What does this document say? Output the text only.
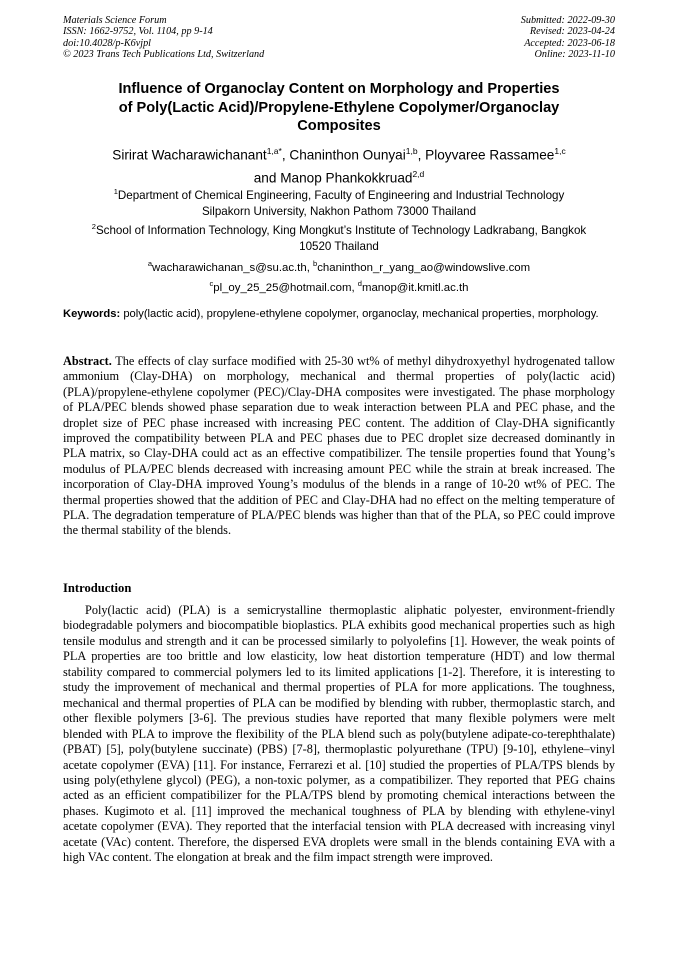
Materials Science Forum
ISSN: 1662-9752, Vol. 1104, pp 9-14
doi:10.4028/p-K6vjpl
© 2023 Trans Tech Publications Ltd, Switzerland
Submitted: 2022-09-30
Revised: 2023-04-24
Accepted: 2023-06-18
Online: 2023-11-10
Influence of Organoclay Content on Morphology and Properties
of Poly(Lactic Acid)/Propylene-Ethylene Copolymer/Organoclay
Composites
Sirirat Wacharawichanant$^{1,a*}$, Chaninthon Ounyai$^{1,b}$, Ployvaree Rassamee$^{1,c}$
and Manop Phankokkruad$^{2,d}$
$^1$Department of Chemical Engineering, Faculty of Engineering and Industrial Technology
Silpakorn University, Nakhon Pathom 73000 Thailand
$^2$School of Information Technology, King Mongkut’s Institute of Technology Ladkrabang, Bangkok
10520 Thailand
$^a$wacharawichanan_s@su.ac.th, $^b$chaninthon_r_yang_ao@windowslive.com
$^c$pl_oy_25_25@hotmail.com, $^d$manop@it.kmitl.ac.th
Keywords: poly(lactic acid), propylene-ethylene copolymer, organoclay, mechanical properties, morphology.
Abstract. The effects of clay surface modified with 25-30 wt% of methyl dihydroxyethyl hydrogenated tallow ammonium (Clay-DHA) on morphology, mechanical and thermal properties of poly(lactic acid) (PLA)/propylene-ethylene copolymer (PEC)/Clay-DHA composites were investigated. The phase morphology of PLA/PEC blends showed phase separation due to weak interaction between PLA and PEC phase, and the droplet size of PEC phase increased with increasing PEC content. The addition of Clay-DHA significantly improved the compatibility between PLA and PEC phases due to PEC droplet size decreased dominantly in PLA matrix, so Clay-DHA could act as an effective compatibilizer. The tensile properties found that Young’s modulus of PLA/PEC blends decreased with increasing amount PEC while the strain at break increased. The incorporation of Clay-DHA improved Young’s modulus of the blends in a range of 10-20 wt% of PEC. The thermal properties showed that the addition of PEC and Clay-DHA had no effect on the melting temperature of PLA. The degradation temperature of PLA/PEC blends was higher than that of the PLA, so PEC could improve the thermal stability of the blends.
Introduction
Poly(lactic acid) (PLA) is a semicrystalline thermoplastic aliphatic polyester, environment-friendly biodegradable polymers and biocompatible bioplastics. PLA exhibits good mechanical properties such as high tensile modulus and strength and it can be processed similarly to polyolefins [1]. However, the weak points of PLA properties are too brittle and low elasticity, low heat distortion temperature (HDT) and low thermal stability compared to commercial polymers led to its limited applications [1-2]. Therefore, it is interesting to study the improvement of mechanical and thermal properties of PLA for more applications. The toughness, mechanical and thermal properties of PLA can be modified by blending with rubber, thermoplastic starch, and other flexible polymers [3-6]. The previous studies have reported that many flexible polymers were melt blended with PLA to improve the flexibility of the PLA blend such as poly(butylene adipate-co-terephthalate) (PBAT) [5], poly(butylene succinate) (PBS) [7-8], thermoplastic polyurethane (TPU) [9-10], ethylene–vinyl acetate copolymer (EVA) [11]. For instance, Ferrarezi et al. [10] studied the properties of PLA/TPS blends by using poly(ethylene glycol) (PEG), a non-toxic polymer, as a compatibilizer. They reported that PEG chains acted as an efficient compatibilizer for the PLA/TPS blend by promoting chemical interactions between the phases. Kugimoto et al. [11] improved the mechanical toughness of PLA by blending with ethylene-vinyl acetate copolymer (EVA). They reported that the interfacial tension with PLA decreased with increasing vinyl acetate (VAc) content. Therefore, the dispersed EVA droplets were small in the blends containing EVA with a high VAc content. The elongation at break and the film impact strength were improved.
